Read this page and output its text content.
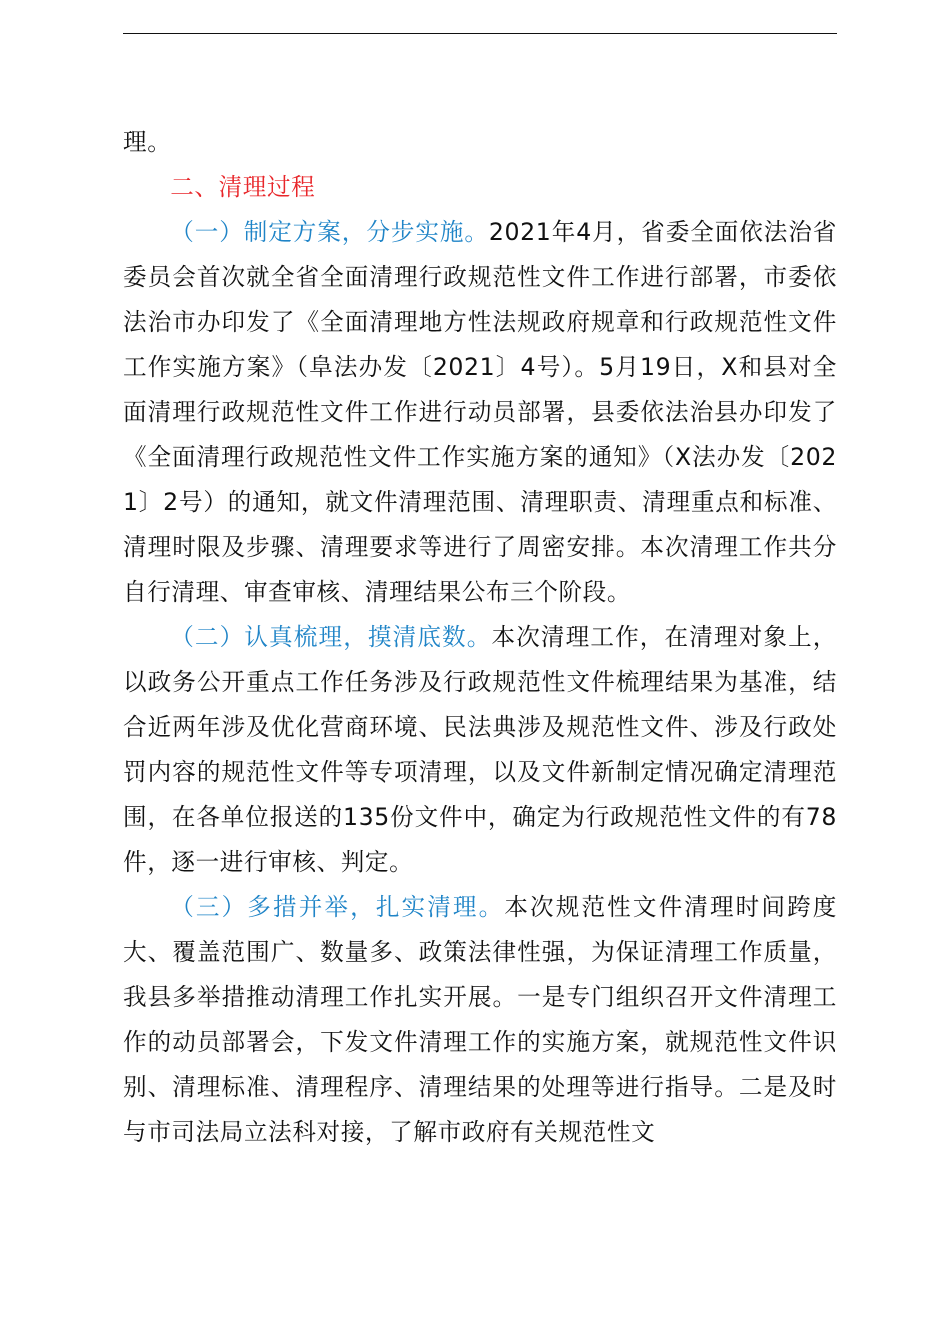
理。

二、清理过程

（一）制定方案，分步实施。2021年4月，省委全面依法治省委员会首次就全省全面清理行政规范性文件工作进行部署，市委依法治市办印发了《全面清理地方性法规政府规章和行政规范性文件工作实施方案》（阜法办发〔2021〕4号）。5月19日，X和县对全面清理行政规范性文件工作进行动员部署，县委依法治县办印发了《全面清理行政规范性文件工作实施方案的通知》（X法办发〔2021〕2号）的通知，就文件清理范围、清理职责、清理重点和标准、清理时限及步骤、清理要求等进行了周密安排。本次清理工作共分自行清理、审查审核、清理结果公布三个阶段。

（二）认真梳理，摸清底数。本次清理工作，在清理对象上，以政务公开重点工作任务涉及行政规范性文件梳理结果为基准，结合近两年涉及优化营商环境、民法典涉及规范性文件、涉及行政处罚内容的规范性文件等专项清理，以及文件新制定情况确定清理范围，在各单位报送的135份文件中，确定为行政规范性文件的有78件，逐一进行审核、判定。

（三）多措并举，扎实清理。本次规范性文件清理时间跨度大、覆盖范围广、数量多、政策法律性强，为保证清理工作质量，我县多举措推动清理工作扎实开展。一是专门组织召开文件清理工作的动员部署会，下发文件清理工作的实施方案，就规范性文件识别、清理标准、清理程序、清理结果的处理等进行指导。二是及时与市司法局立法科对接，了解市政府有关规范性文
